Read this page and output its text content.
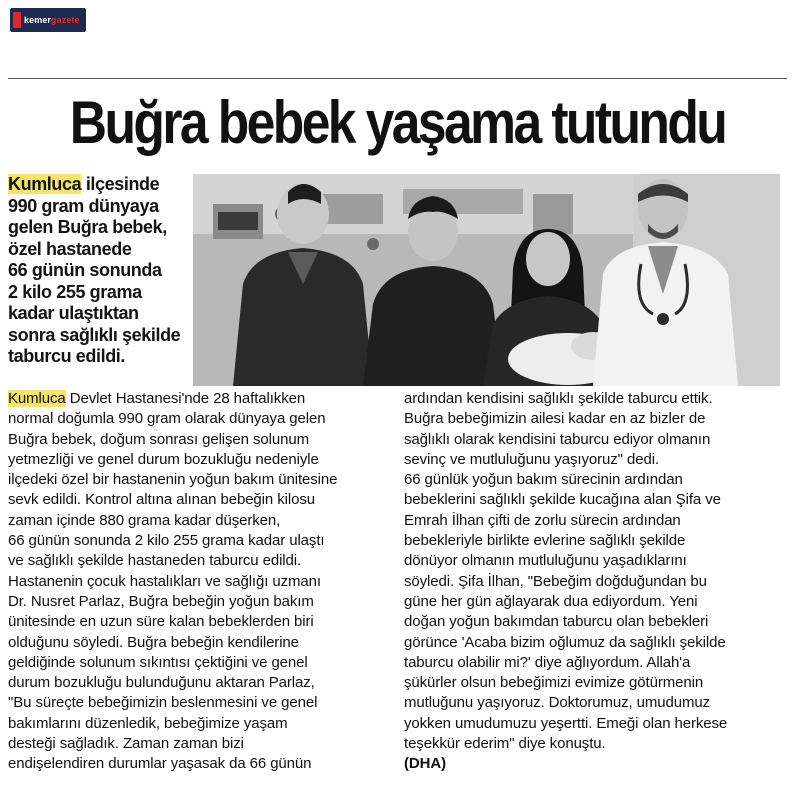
kemergazete
Buğra bebek yaşama tutundu
Kumluca ilçesinde
990 gram dünyaya
gelen Buğra bebek,
özel hastanede
66 günün sonunda
2 kilo 255 grama
kadar ulaştıktan
sonra sağlıklı şekilde
taburcu edildi.
Kumluca Devlet Hastanesi'nde 28 haftalıkken
normal doğumla 990 gram olarak dünyaya gelen
Buğra bebek, doğum sonrası gelişen solunum
yetmezliği ve genel durum bozukluğu nedeniyle
ilçedeki özel bir hastanenin yoğun bakım ünitesine
sevk edildi. Kontrol altına alınan bebeğin kilosu
zaman içinde 880 grama kadar düşerken,
66 günün sonunda 2 kilo 255 grama kadar ulaştı
ve sağlıklı şekilde hastaneden taburcu edildi.
Hastanenin çocuk hastalıkları ve sağlığı uzmanı
Dr. Nusret Parlaz, Buğra bebeğin yoğun bakım
ünitesinde en uzun süre kalan bebeklerden biri
olduğunu söyledi. Buğra bebeğin kendilerine
geldiğinde solunum sıkıntısı çektiğini ve genel
durum bozukluğu bulunduğunu aktaran Parlaz,
"Bu süreçte bebeğimizin beslenmesini ve genel
bakımlarını düzenledik, bebeğimize yaşam
desteği sağladık. Zaman zaman bizi
endişelendiren durumlar yaşasak da 66 günün
ardından kendisini sağlıklı şekilde taburcu ettik.
Buğra bebeğimizin ailesi kadar en az bizler de
sağlıklı olarak kendisini taburcu ediyor olmanın
sevinç ve mutluluğunu yaşıyoruz" dedi.
66 günlük yoğun bakım sürecinin ardından
bebeklerini sağlıklı şekilde kucağına alan Şifa ve
Emrah İlhan çifti de zorlu sürecin ardından
bebekleriyle birlikte evlerine sağlıklı şekilde
dönüyor olmanın mutluluğunu yaşadıklarını
söyledi. Şifa İlhan, "Bebeğim doğduğundan bu
güne her gün ağlayarak dua ediyordum. Yeni
doğan yoğun bakımdan taburcu olan bebekleri
görünce 'Acaba bizim oğlumuz da sağlıklı şekilde
taburcu olabilir mi?' diye ağlıyordum. Allah'a
şükürler olsun bebeğimizi evimize götürmenin
mutluğunu yaşıyoruz. Doktorumuz, umudumuz
yokken umudumuzu yeşertti. Emeği olan herkese
teşekkür ederim" diye konuştu.
(DHA)
